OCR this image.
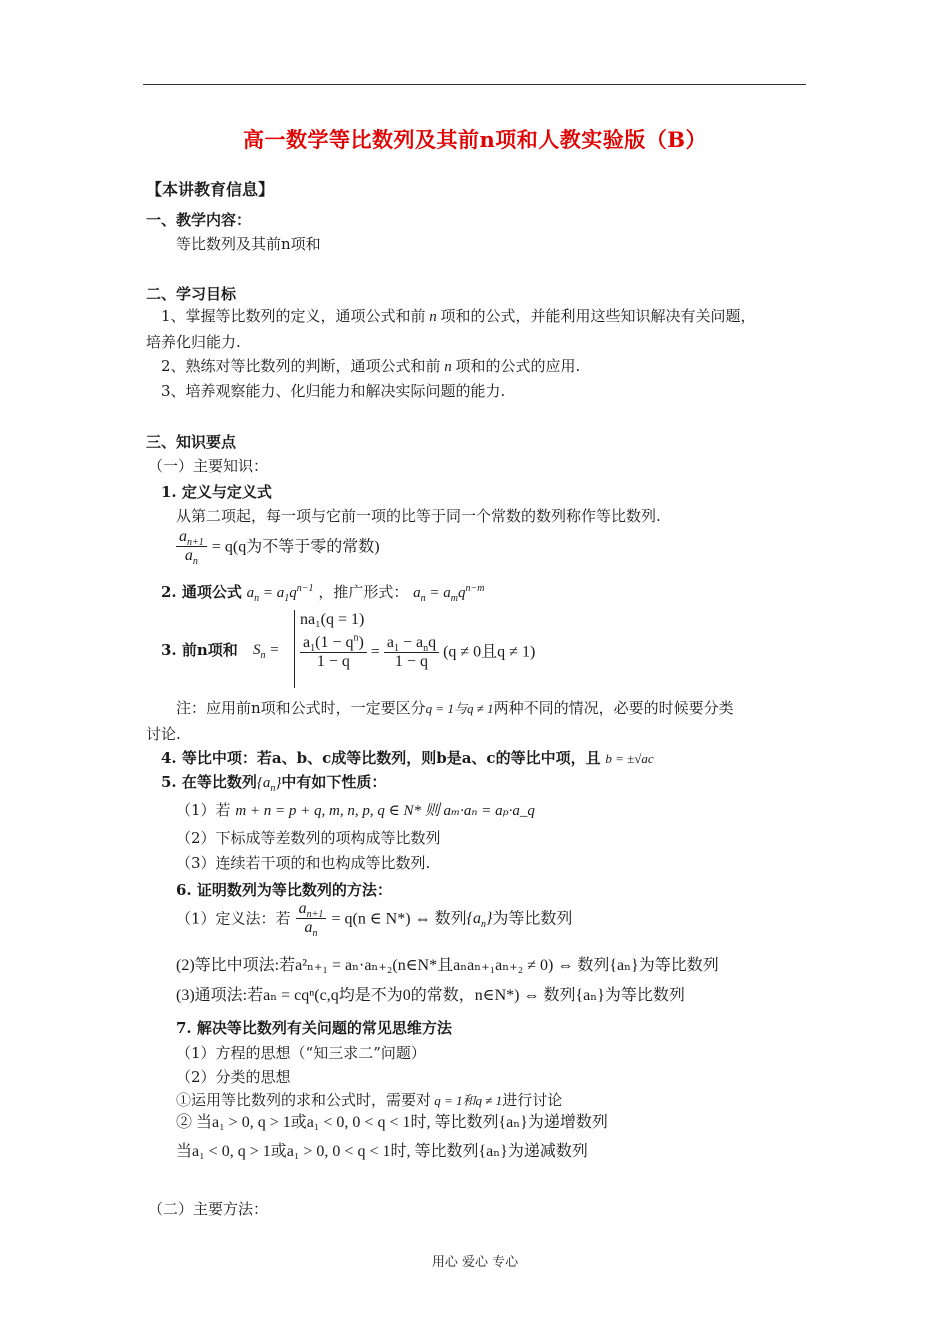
高一数学等比数列及其前n项和人教实验版（B）
【本讲教育信息】
一、教学内容：
等比数列及其前n项和
二、学习目标
1、掌握等比数列的定义，通项公式和前 n 项和的公式，并能利用这些知识解决有关问题，
培养化归能力.
2、熟练对等比数列的判断，通项公式和前 n 项和的公式的应用.
3、培养观察能力、化归能力和解决实际问题的能力.
三、知识要点
（一）主要知识：
1. 定义与定义式
从第二项起，每一项与它前一项的比等于同一个常数的数列称作等比数列.
$\frac{a_{n+1}}{a_n} = q(q$为不等于零的常数)
2. 通项公式 $a_n = a_1q^{n-1}$ ，推广形式： $a_n = a_mq^{n-m}$
3. 前n项和 $S_n$ =
na₁(q = 1)
$\frac{a_1(1 - q^n)}{1 - q} = \frac{a_1 - a_nq}{1 - q} (q \ne 0$且q ≠ 1)
注：应用前n项和公式时，一定要区分q = 1与q ≠ 1两种不同的情况，必要的时候要分类
讨论.
4. 等比中项：若a、b、c成等比数列，则b是a、c的等比中项，且 b = ±√ac
5. 在等比数列$\{a_n\}$中有如下性质：
（1）若 m + n = p + q, m, n, p, q ∈ N* 则 aₘ·aₙ = aₚ·a_q
（2）下标成等差数列的项构成等比数列
（3）连续若干项的和也构成等比数列.
6. 证明数列为等比数列的方法：
（1）定义法：若 $\frac{a_{n+1}}{a_n} = q(n$ ∈ N*) ⇔ 数列$\{a_n\}$为等比数列
(2)等比中项法:若a²ₙ₊₁ = aₙ·aₙ₊₂(n∈N*且aₙaₙ₊₁aₙ₊₂ ≠ 0) ⇔ 数列{aₙ}为等比数列
(3)通项法:若aₙ = cqⁿ(c,q均是不为0的常数，n∈N*) ⇔ 数列{aₙ}为等比数列
7. 解决等比数列有关问题的常见思维方法
（1）方程的思想（“知三求二”问题）
（2）分类的思想
①运用等比数列的求和公式时，需要对 q = 1和q ≠ 1进行讨论
② 当a₁ > 0, q > 1或a₁ < 0, 0 < q < 1时, 等比数列{aₙ}为递增数列
当a₁ < 0, q > 1或a₁ > 0, 0 < q < 1时, 等比数列{aₙ}为递减数列
（二）主要方法：
用心 爱心 专心
